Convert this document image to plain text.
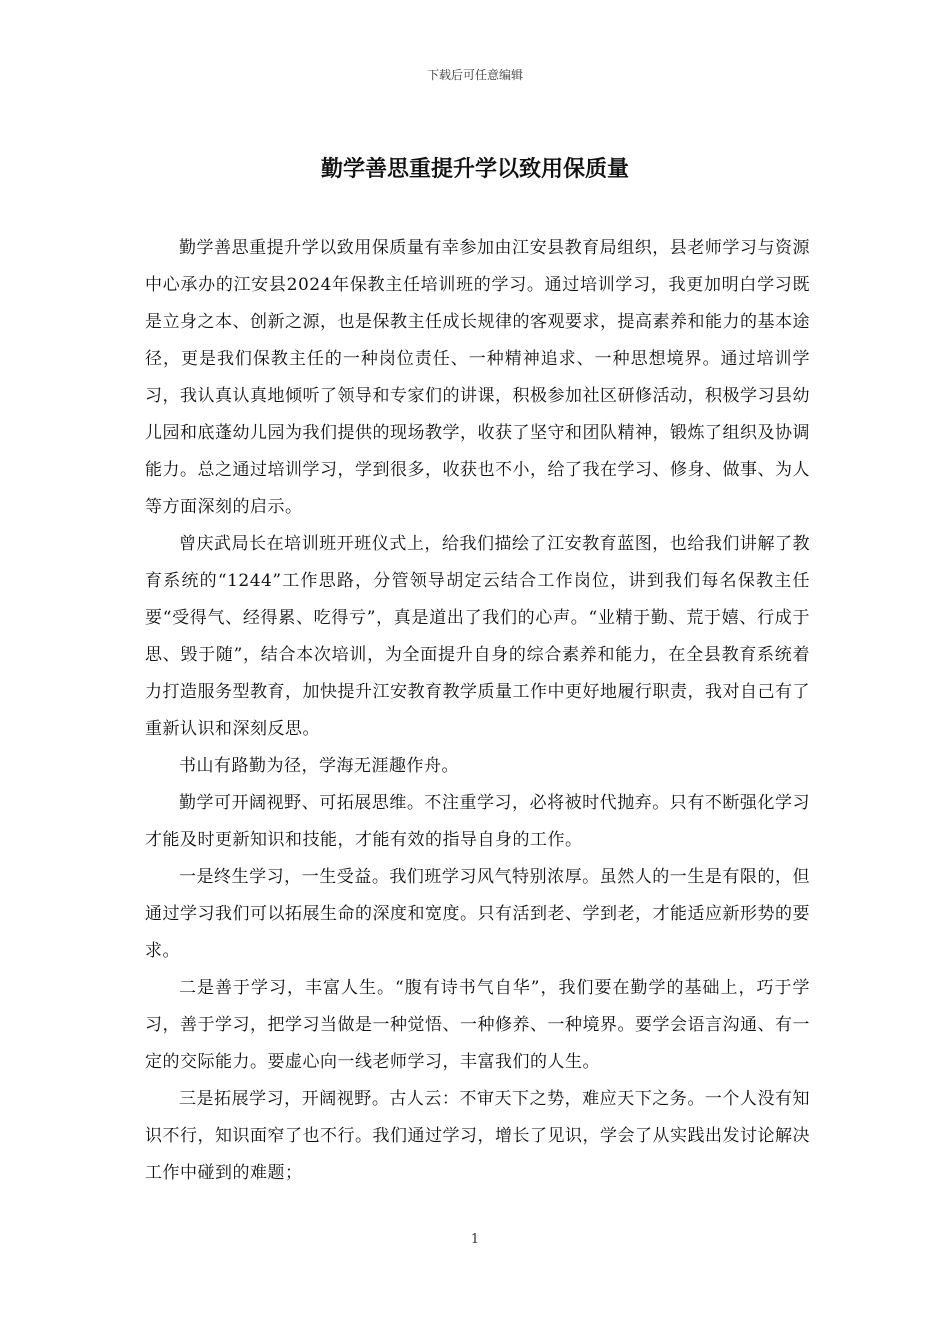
下载后可任意编辑
勤学善思重提升学以致用保质量

勤学善思重提升学以致用保质量有幸参加由江安县教育局组织，县老师学习与资源中心承办的江安县2024年保教主任培训班的学习。通过培训学习，我更加明白学习既是立身之本、创新之源，也是保教主任成长规律的客观要求，提高素养和能力的基本途径，更是我们保教主任的一种岗位责任、一种精神追求、一种思想境界。通过培训学习，我认真认真地倾听了领导和专家们的讲课，积极参加社区研修活动，积极学习县幼儿园和底蓬幼儿园为我们提供的现场教学，收获了坚守和团队精神，锻炼了组织及协调能力。总之通过培训学习，学到很多，收获也不小，给了我在学习、修身、做事、为人等方面深刻的启示。

曾庆武局长在培训班开班仪式上，给我们描绘了江安教育蓝图，也给我们讲解了教育系统的“1244”工作思路，分管领导胡定云结合工作岗位，讲到我们每名保教主任要“受得气、经得累、吃得亏”，真是道出了我们的心声。“业精于勤、荒于嬉、行成于思、毁于随”，结合本次培训，为全面提升自身的综合素养和能力，在全县教育系统着力打造服务型教育，加快提升江安教育教学质量工作中更好地履行职责，我对自己有了重新认识和深刻反思。

书山有路勤为径，学海无涯趣作舟。

勤学可开阔视野、可拓展思维。不注重学习，必将被时代抛弃。只有不断强化学习才能及时更新知识和技能，才能有效的指导自身的工作。

一是终生学习，一生受益。我们班学习风气特别浓厚。虽然人的一生是有限的，但通过学习我们可以拓展生命的深度和宽度。只有活到老、学到老，才能适应新形势的要求。

二是善于学习，丰富人生。“腹有诗书气自华”，我们要在勤学的基础上，巧于学习，善于学习，把学习当做是一种觉悟、一种修养、一种境界。要学会语言沟通、有一定的交际能力。要虚心向一线老师学习，丰富我们的人生。

三是拓展学习，开阔视野。古人云：不审天下之势，难应天下之务。一个人没有知识不行，知识面窄了也不行。我们通过学习，增长了见识，学会了从实践出发讨论解决工作中碰到的难题；

1
